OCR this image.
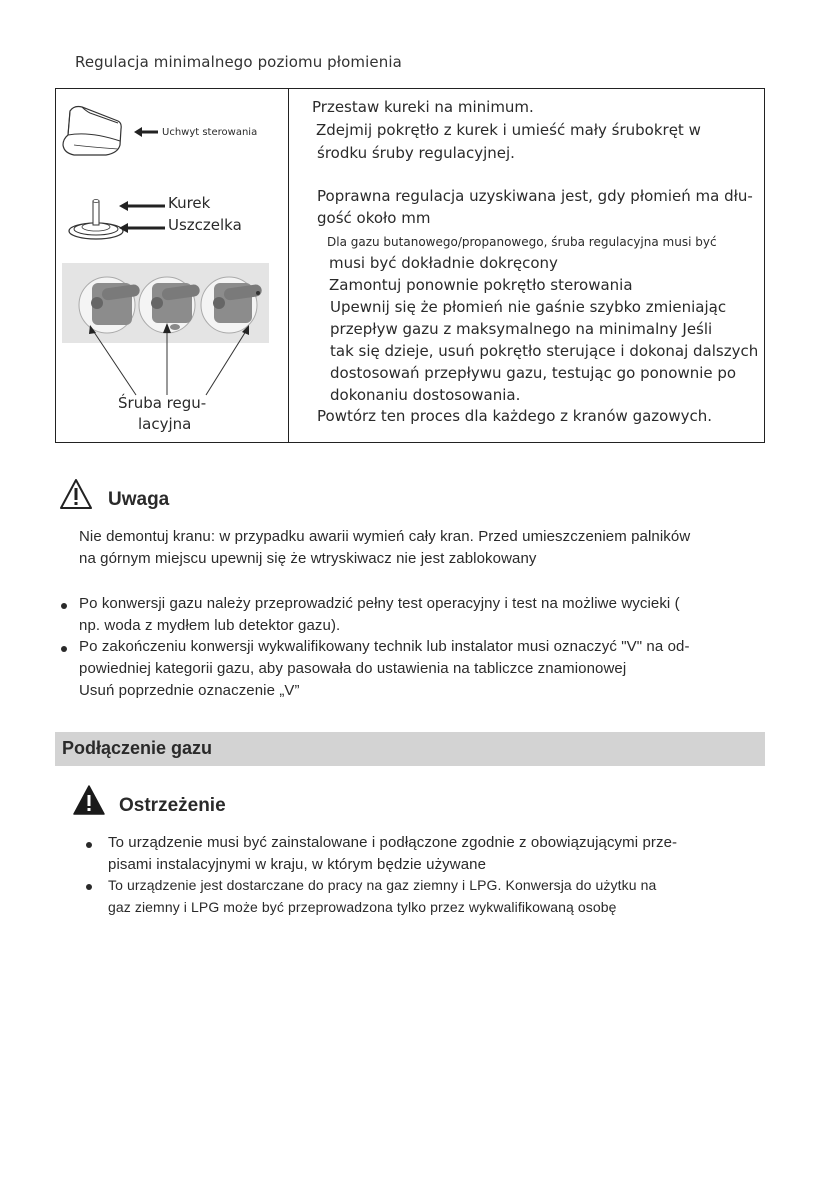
Regulacja minimalnego poziomu płomienia
Uchwyt sterowania
Kurek
Uszczelka
Śruba regu-
lacyjna
Przestaw kureki na minimum.
Zdejmij pokrętło z kurek i umieść mały śrubokręt w
środku śruby regulacyjnej.
Poprawna regulacja uzyskiwana jest, gdy płomień ma dłu-
gość około mm
Dla gazu butanowego/propanowego, śruba regulacyjna musi być
musi być dokładnie dokręcony
Zamontuj ponownie pokrętło sterowania
Upewnij się że płomień nie gaśnie szybko zmieniając
przepływ gazu z maksymalnego na minimalny Jeśli
tak się dzieje, usuń pokrętło sterujące i dokonaj dalszych
dostosowań przepływu gazu, testując go ponownie po
dokonaniu dostosowania.
Powtórz ten proces dla każdego z kranów gazowych.
Uwaga
Nie demontuj kranu: w przypadku awarii wymień cały kran. Przed umieszczeniem palników
na górnym miejscu upewnij się że wtryskiwacz nie jest zablokowany
Po konwersji gazu należy przeprowadzić pełny test operacyjny i test na możliwe wycieki (
np. woda z mydłem lub detektor gazu).
Po zakończeniu konwersji wykwalifikowany technik lub instalator musi oznaczyć "V" na od-
powiedniej kategorii gazu, aby pasowała do ustawienia na tabliczce znamionowej
Usuń poprzednie oznaczenie „V”
Podłączenie gazu
Ostrzeżenie
To urządzenie musi być zainstalowane i podłączone zgodnie z obowiązującymi prze-
pisami instalacyjnymi w kraju, w którym będzie używane
To urządzenie jest dostarczane do pracy na gaz ziemny i LPG. Konwersja do użytku na
gaz ziemny i LPG może być przeprowadzona tylko przez wykwalifikowaną osobę
